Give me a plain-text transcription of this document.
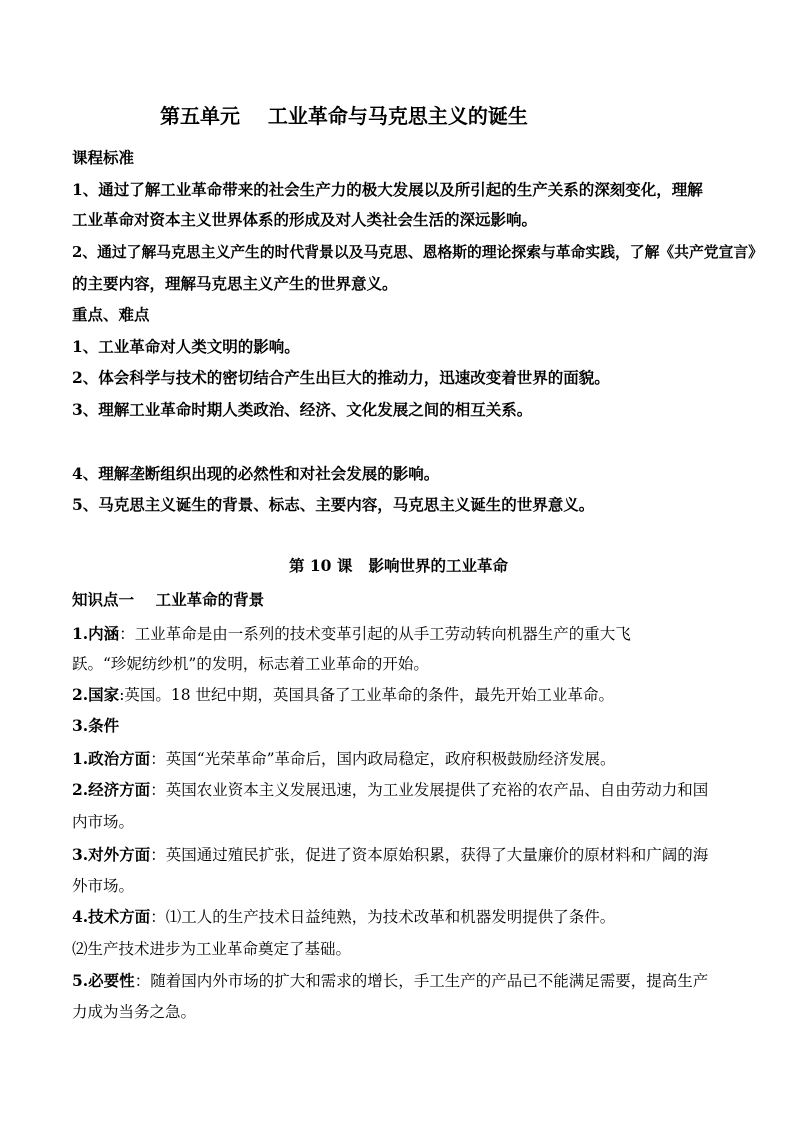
第五单元    工业革命与马克思主义的诞生
课程标准
1、通过了解工业革命带来的社会生产力的极大发展以及所引起的生产关系的深刻变化，理解
工业革命对资本主义世界体系的形成及对人类社会生活的深远影响。
2、通过了解马克思主义产生的时代背景以及马克思、恩格斯的理论探索与革命实践，了解《共产党宣言》
的主要内容，理解马克思主义产生的世界意义。
重点、难点
1、工业革命对人类文明的影响。
2、体会科学与技术的密切结合产生出巨大的推动力，迅速改变着世界的面貌。
3、理解工业革命时期人类政治、经济、文化发展之间的相互关系。
4、理解垄断组织出现的必然性和对社会发展的影响。
5、马克思主义诞生的背景、标志、主要内容，马克思主义诞生的世界意义。
第 10 课   影响世界的工业革命
知识点一    工业革命的背景
1.内涵：工业革命是由一系列的技术变革引起的从手工劳动转向机器生产的重大飞
跃。“珍妮纺纱机”的发明，标志着工业革命的开始。
2.国家:英国。18 世纪中期，英国具备了工业革命的条件，最先开始工业革命。
3.条件
1.政治方面：英国“光荣革命”革命后，国内政局稳定，政府积极鼓励经济发展。
2.经济方面：英国农业资本主义发展迅速，为工业发展提供了充裕的农产品、自由劳动力和国
内市场。
3.对外方面：英国通过殖民扩张，促进了资本原始积累，获得了大量廉价的原材料和广阔的海
外市场。
4.技术方面：⑴工人的生产技术日益纯熟，为技术改革和机器发明提供了条件。
⑵生产技术进步为工业革命奠定了基础。
5.必要性：随着国内外市场的扩大和需求的增长，手工生产的产品已不能满足需要，提高生产
力成为当务之急。
